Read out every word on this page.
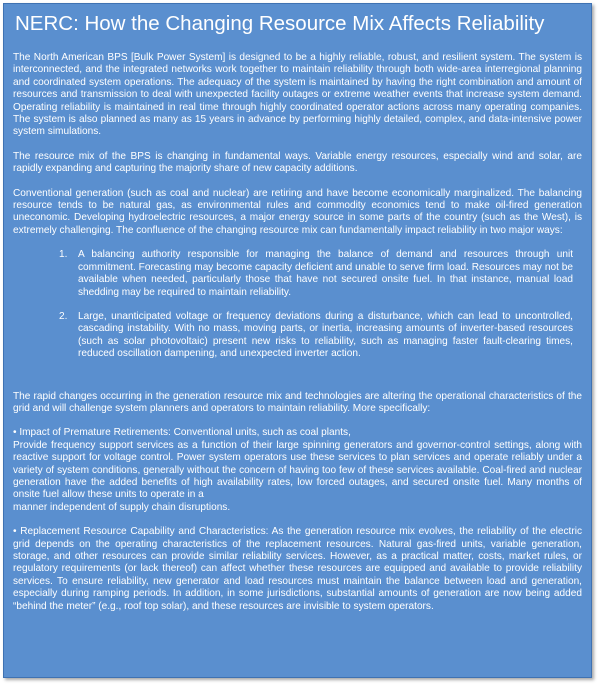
NERC: How the Changing Resource Mix Affects Reliability

The North American BPS [Bulk Power System] is designed to be a highly reliable, robust, and resilient system. The system is interconnected, and the integrated networks work together to maintain reliability through both wide-area interregional planning and coordinated system operations. The adequacy of the system is maintained by having the right combination and amount of resources and transmission to deal with unexpected facility outages or extreme weather events that increase system demand. Operating reliability is maintained in real time through highly coordinated operator actions across many operating companies. The system is also planned as many as 15 years in advance by performing highly detailed, complex, and data-intensive power system simulations.

The resource mix of the BPS is changing in fundamental ways. Variable energy resources, especially wind and solar, are rapidly expanding and capturing the majority share of new capacity additions.

Conventional generation (such as coal and nuclear) are retiring and have become economically marginalized. The balancing resource tends to be natural gas, as environmental rules and commodity economics tend to make oil-fired generation uneconomic. Developing hydroelectric resources, a major energy source in some parts of the country (such as the West), is extremely challenging. The confluence of the changing resource mix can fundamentally impact reliability in two major ways:

1. A balancing authority responsible for managing the balance of demand and resources through unit commitment. Forecasting may become capacity deficient and unable to serve firm load. Resources may not be available when needed, particularly those that have not secured onsite fuel. In that instance, manual load shedding may be required to maintain reliability.
2. Large, unanticipated voltage or frequency deviations during a disturbance, which can lead to uncontrolled, cascading instability. With no mass, moving parts, or inertia, increasing amounts of inverter-based resources (such as solar photovoltaic) present new risks to reliability, such as managing faster fault-clearing times, reduced oscillation dampening, and unexpected inverter action.

The rapid changes occurring in the generation resource mix and technologies are altering the operational characteristics of the grid and will challenge system planners and operators to maintain reliability. More specifically:

• Impact of Premature Retirements: Conventional units, such as coal plants,
Provide frequency support services as a function of their large spinning generators and governor-control settings, along with reactive support for voltage control. Power system operators use these services to plan services and operate reliably under a variety of system conditions, generally without the concern of having too few of these services available. Coal-fired and nuclear generation have the added benefits of high availability rates, low forced outages, and secured onsite fuel. Many months of onsite fuel allow these units to operate in a
manner independent of supply chain disruptions.

• Replacement Resource Capability and Characteristics: As the generation resource mix evolves, the reliability of the electric grid depends on the operating characteristics of the replacement resources. Natural gas-fired units, variable generation, storage, and other resources can provide similar reliability services. However, as a practical matter, costs, market rules, or regulatory requirements (or lack thereof) can affect whether these resources are equipped and available to provide reliability services. To ensure reliability, new generator and load resources must maintain the balance between load and generation, especially during ramping periods. In addition, in some jurisdictions, substantial amounts of generation are now being added “behind the meter” (e.g., roof top solar), and these resources are invisible to system operators.
